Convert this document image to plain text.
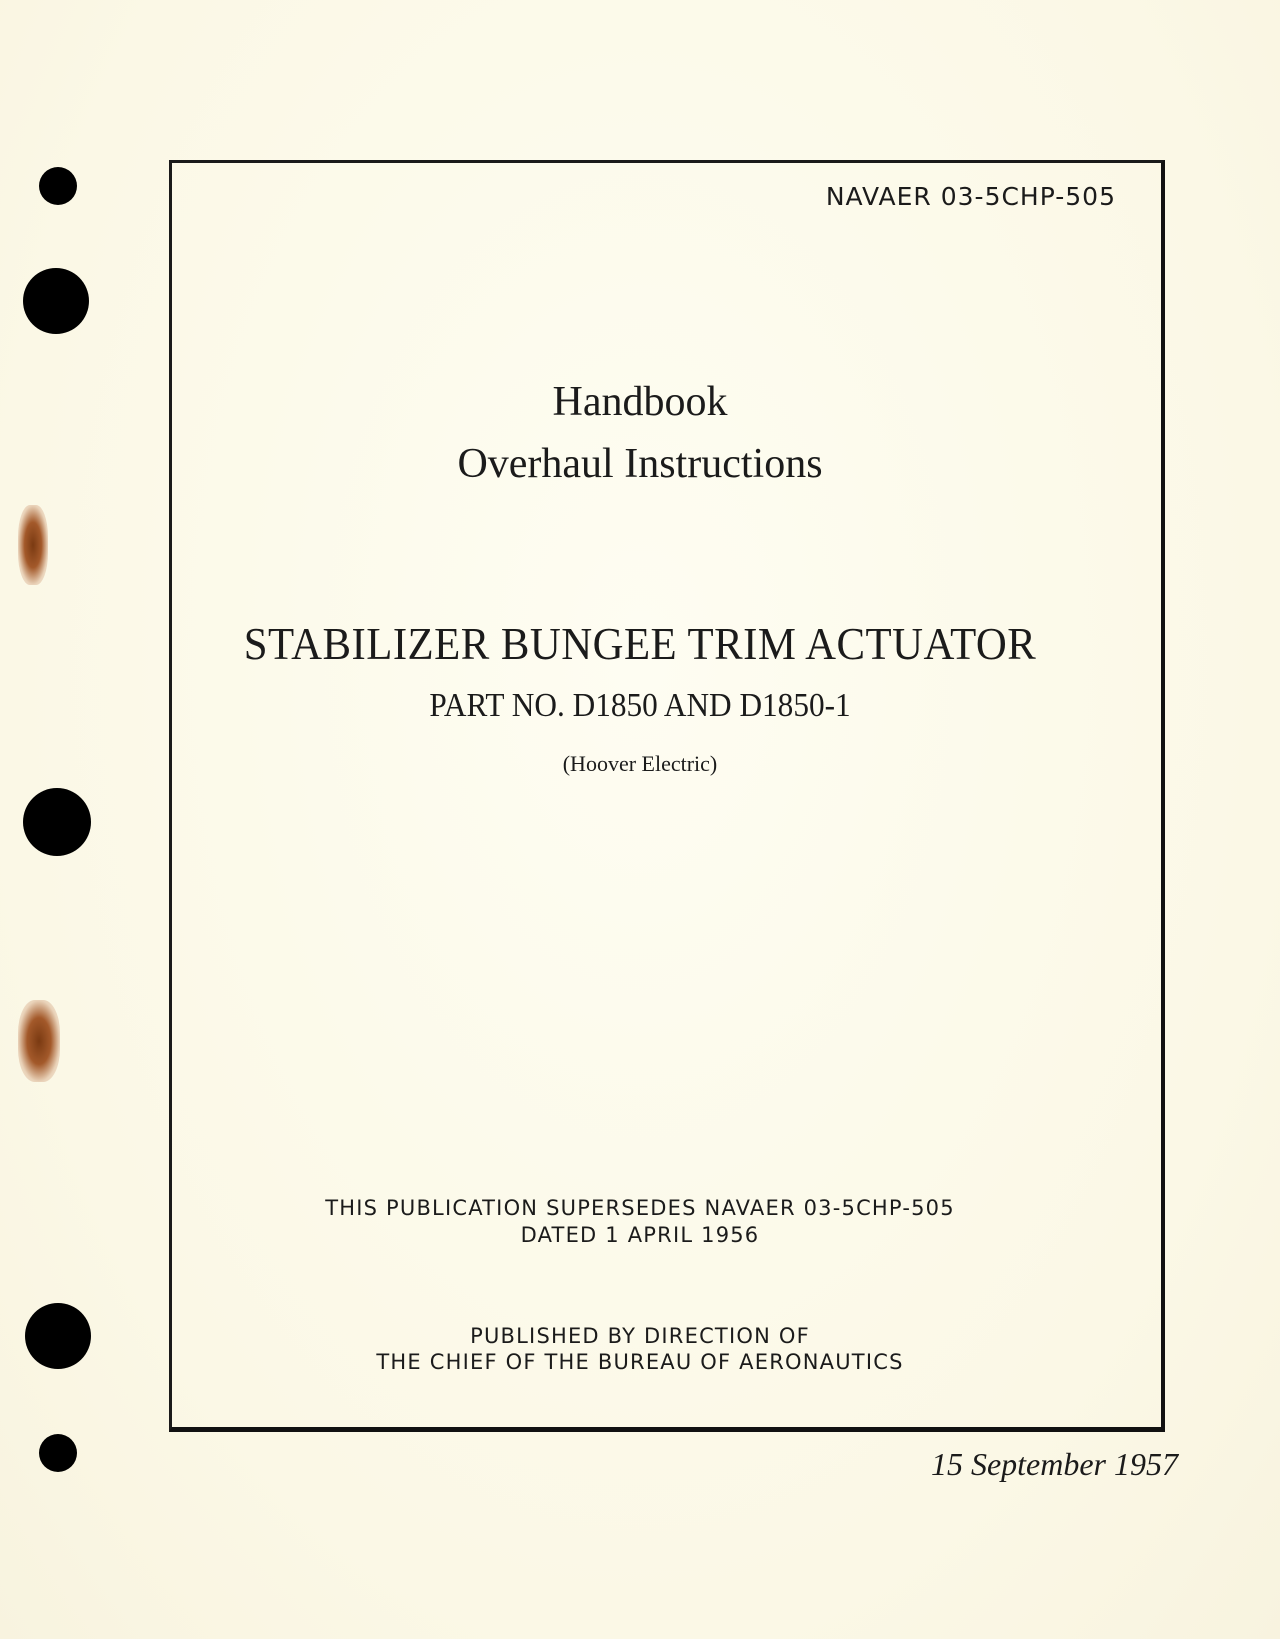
NAVAER 03-5CHP-505
Handbook
Overhaul Instructions
STABILIZER BUNGEE TRIM ACTUATOR
PART NO. D1850 AND D1850-1
(Hoover Electric)
THIS PUBLICATION SUPERSEDES NAVAER 03-5CHP-505
DATED 1 APRIL 1956
PUBLISHED BY DIRECTION OF
THE CHIEF OF THE BUREAU OF AERONAUTICS
15 September 1957
